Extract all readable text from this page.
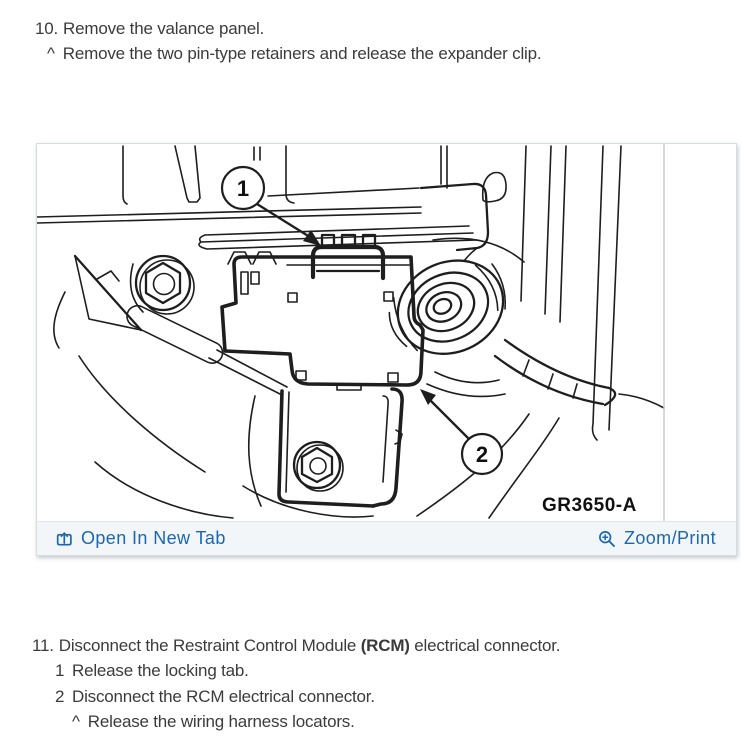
10. Remove the valance panel.
^ Remove the two pin-type retainers and release the expander clip.
1
2
GR3650-A
Open In New Tab	Zoom/Print
11. Disconnect the Restraint Control Module (RCM) electrical connector.
1 Release the locking tab.
2 Disconnect the RCM electrical connector.
^ Release the wiring harness locators.
